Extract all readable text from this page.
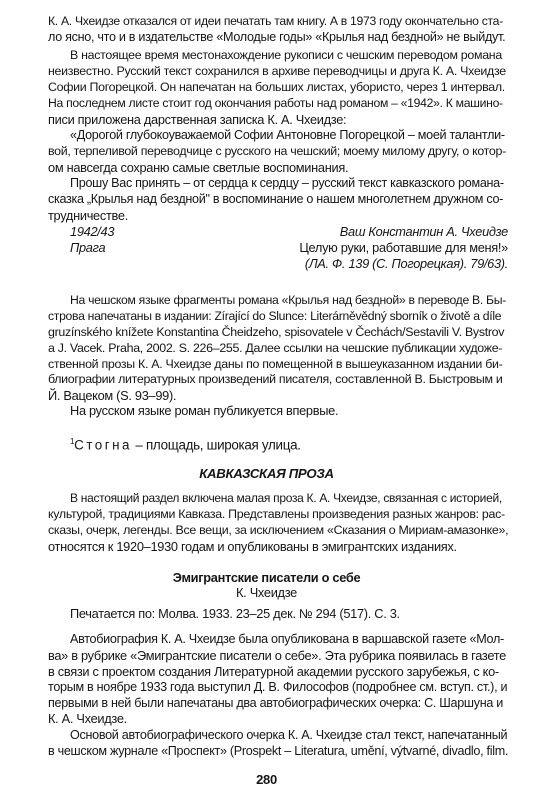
К. А. Чхеидзе отказался от идеи печатать там книгу. А в 1973 году окончательно ста-
ло ясно, что и в издательстве «Молодые годы» «Крылья над бездной» не выйдут.
В настоящее время местонахождение рукописи с чешским переводом романа
неизвестно. Русский текст сохранился в архиве переводчицы и друга К. А. Чхеидзе
Софии Погорецкой. Он напечатан на больших листах, убористо, через 1 интервал.
На последнем листе стоит год окончания работы над романом – «1942». К машино-
писи приложена дарственная записка К. А. Чхеидзе:
«Дорогой глубокоуважаемой Софии Антоновне Погорецкой – моей талантли-
вой, терпеливой переводчице с русского на чешский; моему милому другу, о котор-
ом навсегда сохраню самые светлые воспоминания.
Прошу Вас принять – от сердца к сердцу – русский текст кавказского романа-
сказка „Крылья над бездной" в воспоминание о нашем многолетнем дружном со-
трудничестве.
1942/43	Ваш Константин А. Чхеидзе
Прага	Целую руки, работавшие для меня!»
(ЛА. Ф. 139 (С. Погорецкая). 79/63).
На чешском языке фрагменты романа «Крылья над бездной» в переводе В. Бы-
строва напечатаны в издании: Zírající do Slunce: Literárněvědný sborník o životě a díle
gruzínského knížete Konstantina Čheidzeho, spisovatele v Čechách/Sestavili V. Bystrov
a J. Vacek. Praha, 2002. S. 226–255. Далее ссылки на чешские публикации художе-
ственной прозы К. А. Чхеидзе даны по помещенной в вышеуказанном издании би-
блиографии литературных произведений писателя, составленной В. Быстровым и
Й. Вацеком (S. 93–99).
На русском языке роман публикуется впервые.
$^1$Стогна – площадь, широкая улица.
КАВКАЗСКАЯ ПРОЗА
В настоящий раздел включена малая проза К. А. Чхеидзе, связанная с историей,
культурой, традициями Кавказа. Представлены произведения разных жанров: рас-
сказы, очерк, легенды. Все вещи, за исключением «Сказания о Мириам-амазонке»,
относятся к 1920–1930 годам и опубликованы в эмигрантских изданиях.
Эмигрантские писатели о себе
К. Чхеидзе
Печатается по: Молва. 1933. 23–25 дек. № 294 (517). С. 3.
Автобиография К. А. Чхеидзе была опубликована в варшавской газете «Мол-
ва» в рубрике «Эмигрантские писатели о себе». Эта рубрика появилась в газете
в связи с проектом создания Литературной академии русского зарубежья, с ко-
торым в ноябре 1933 года выступил Д. В. Философов (подробнее см. вступ. ст.), и
первыми в ней были напечатаны два автобиографических очерка: С. Шаршуна и
К. А. Чхеидзе.
Основой автобиографического очерка К. А. Чхеидзе стал текст, напечатанный
в чешском журнале «Проспект» (Prospekt – Literatura, umění, výtvarné, divadlo, film.
280
